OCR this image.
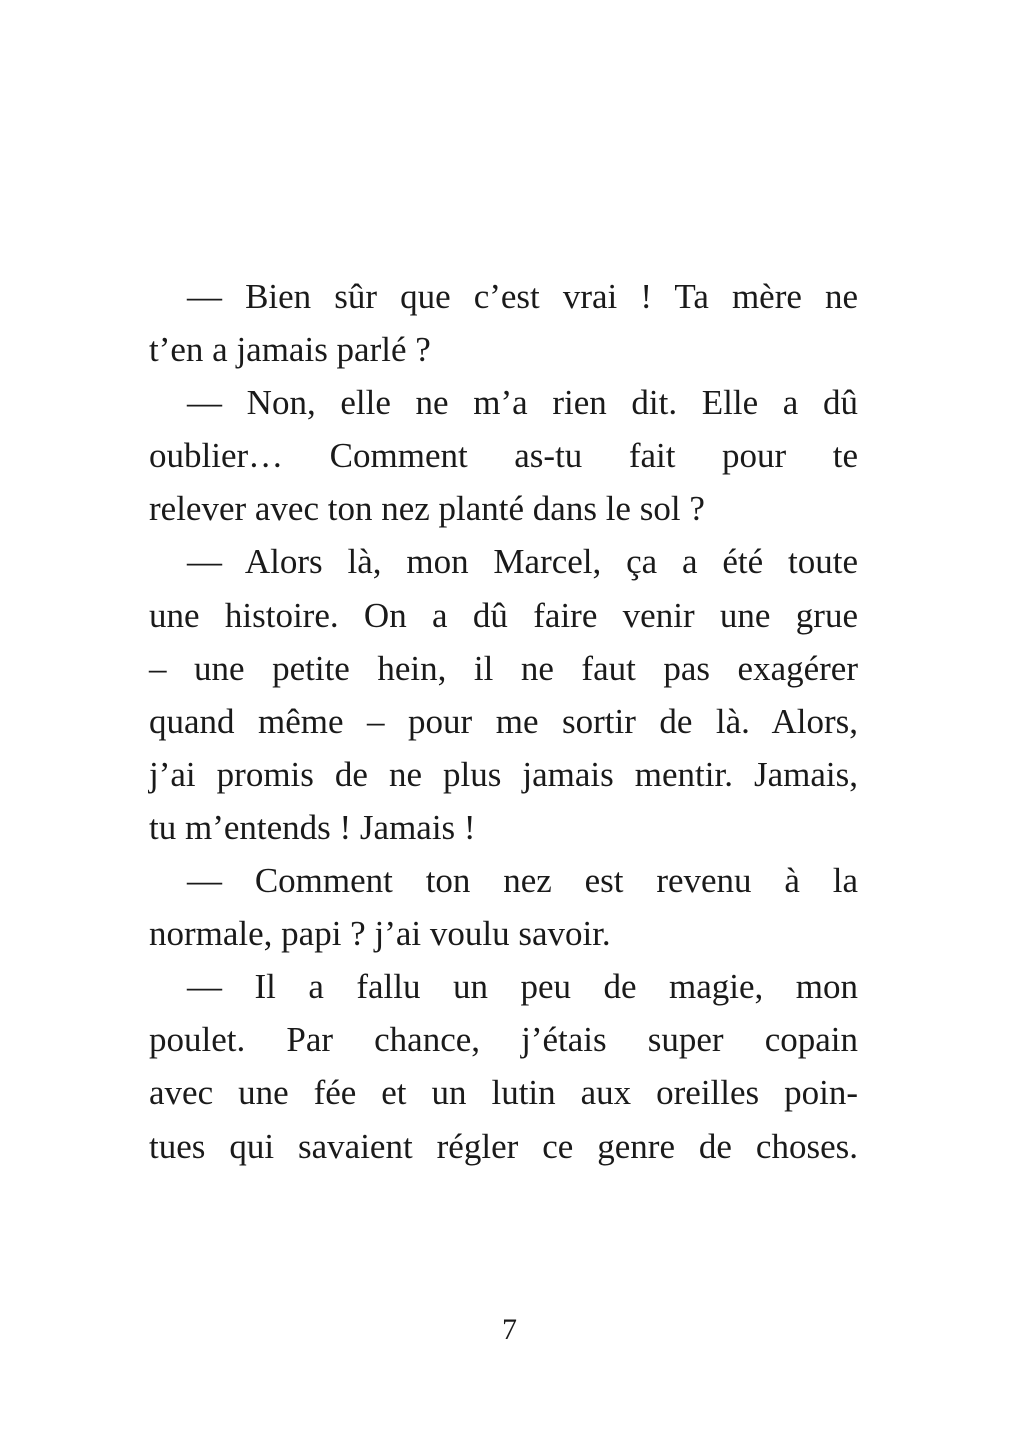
— Bien sûr que c’est vrai ! Ta mère ne
t’en a jamais parlé ?
— Non, elle ne m’a rien dit. Elle a dû
oublier… Comment as-tu fait pour te
relever avec ton nez planté dans le sol ?
— Alors là, mon Marcel, ça a été toute
une histoire. On a dû faire venir une grue
– une petite hein, il ne faut pas exagérer
quand même – pour me sortir de là. Alors,
j’ai promis de ne plus jamais mentir. Jamais,
tu m’entends ! Jamais !
— Comment ton nez est revenu à la
normale, papi ? j’ai voulu savoir.
— Il a fallu un peu de magie, mon
poulet. Par chance, j’étais super copain
avec une fée et un lutin aux oreilles poin-
tues qui savaient régler ce genre de choses.
7
